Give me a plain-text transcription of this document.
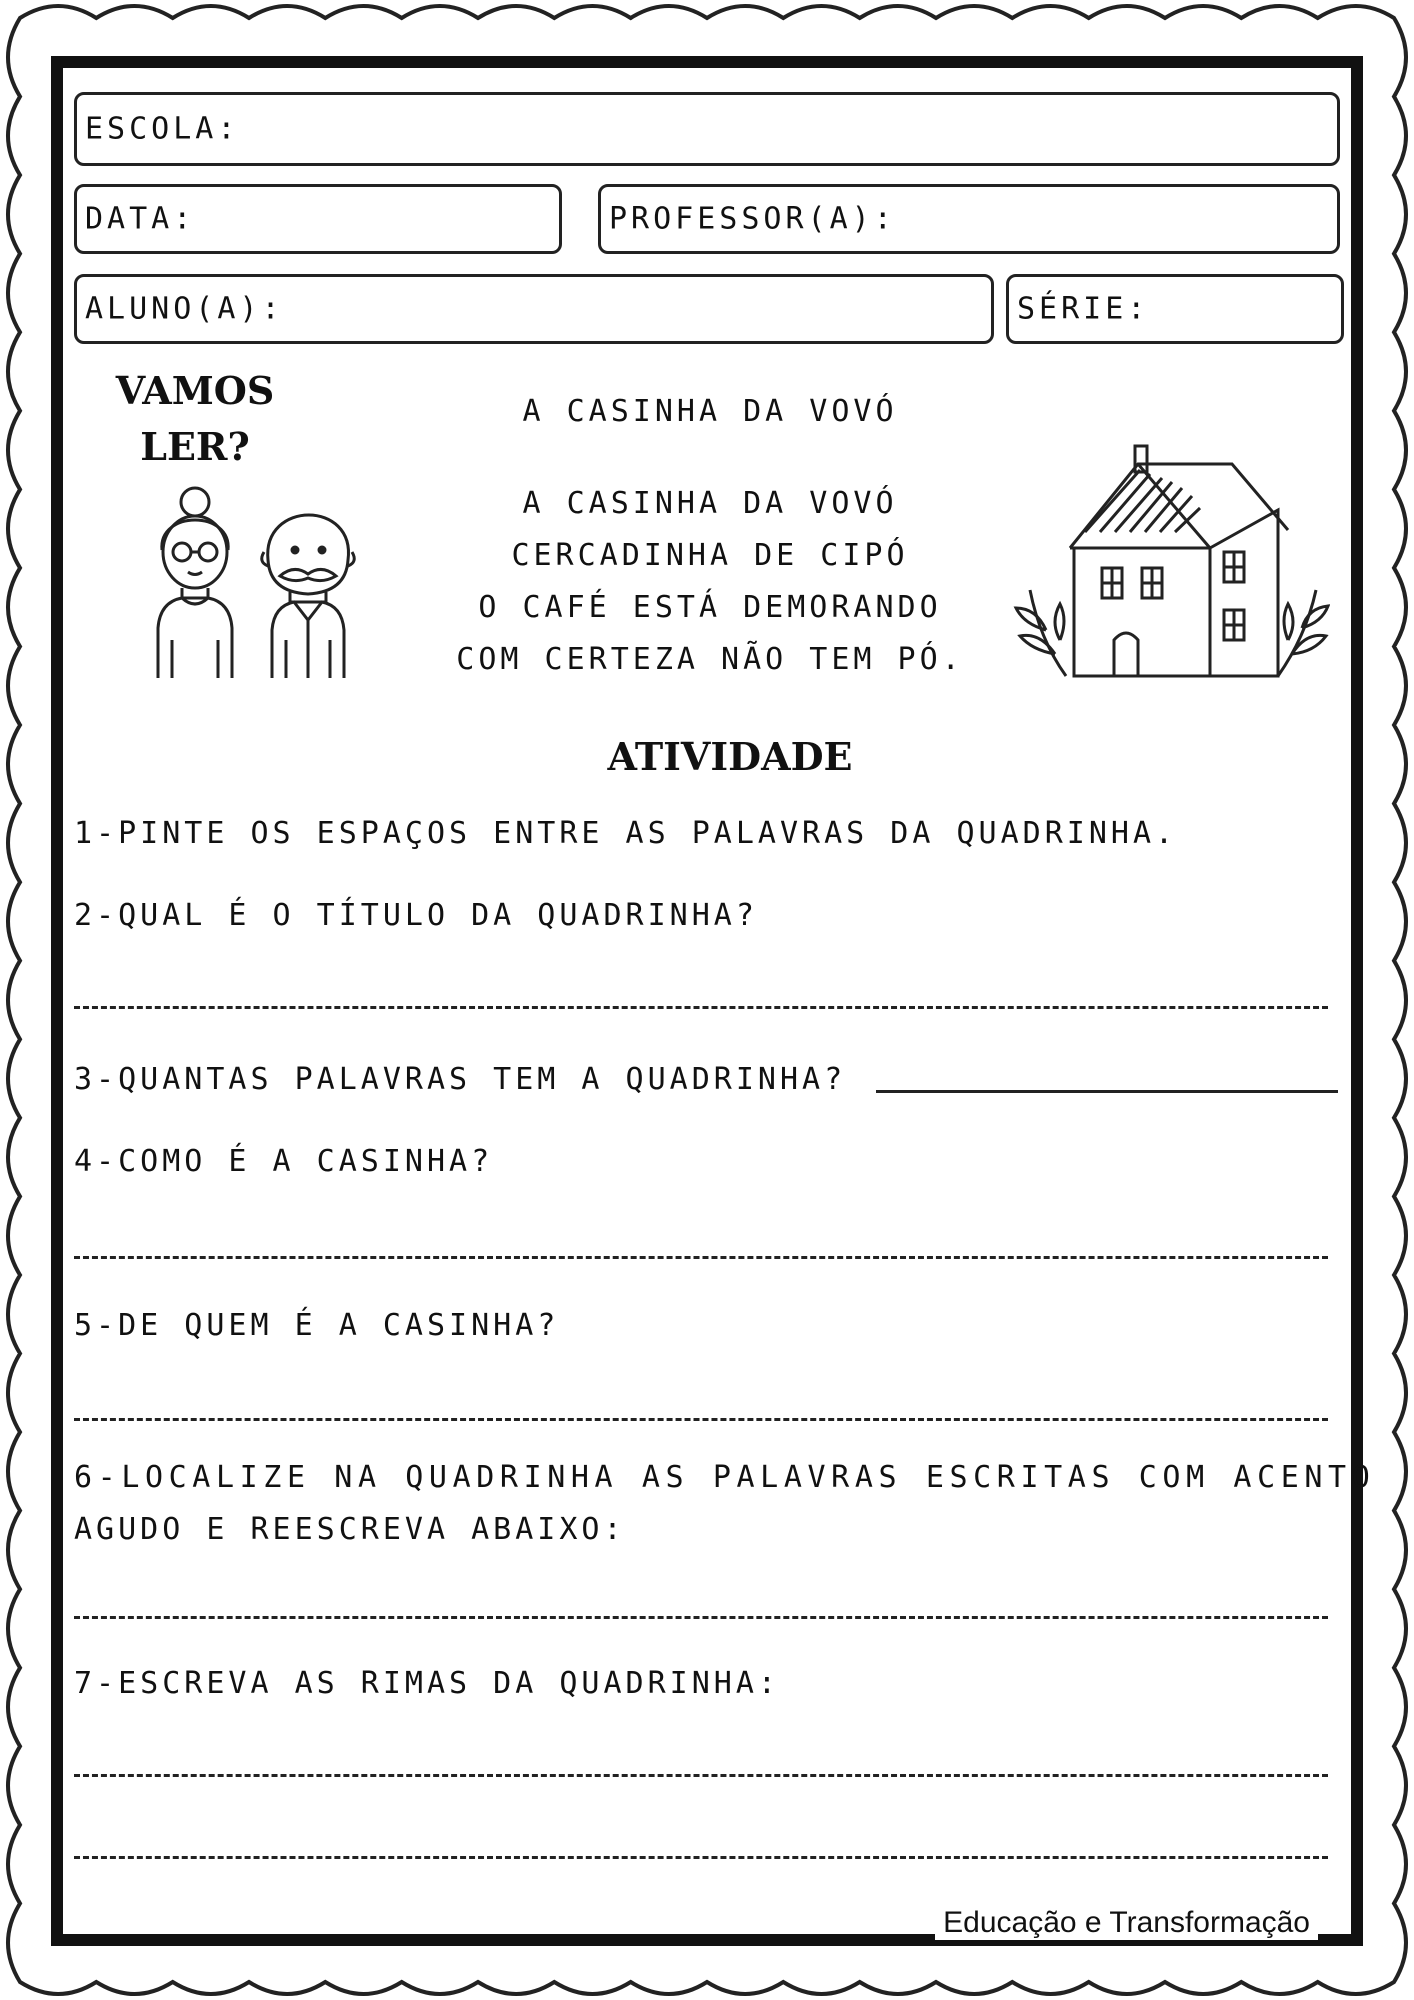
ESCOLA:
DATA:	PROFESSOR(A):
ALUNO(A):	SÉRIE:
VAMOS
LER?
A CASINHA DA VOVÓ
A CASINHA DA VOVÓ
CERCADINHA DE CIPÓ
O CAFÉ ESTÁ DEMORANDO
COM CERTEZA NÃO TEM PÓ.
ATIVIDADE
1-PINTE OS ESPAÇOS ENTRE AS PALAVRAS DA QUADRINHA.
2-QUAL É O TÍTULO DA QUADRINHA?
3-QUANTAS PALAVRAS TEM A QUADRINHA?
4-COMO É A CASINHA?
5-DE QUEM É A CASINHA?
6-LOCALIZE NA QUADRINHA AS PALAVRAS ESCRITAS COM ACENTO
AGUDO E REESCREVA ABAIXO:
7-ESCREVA AS RIMAS DA QUADRINHA:
Educação e Transformação
